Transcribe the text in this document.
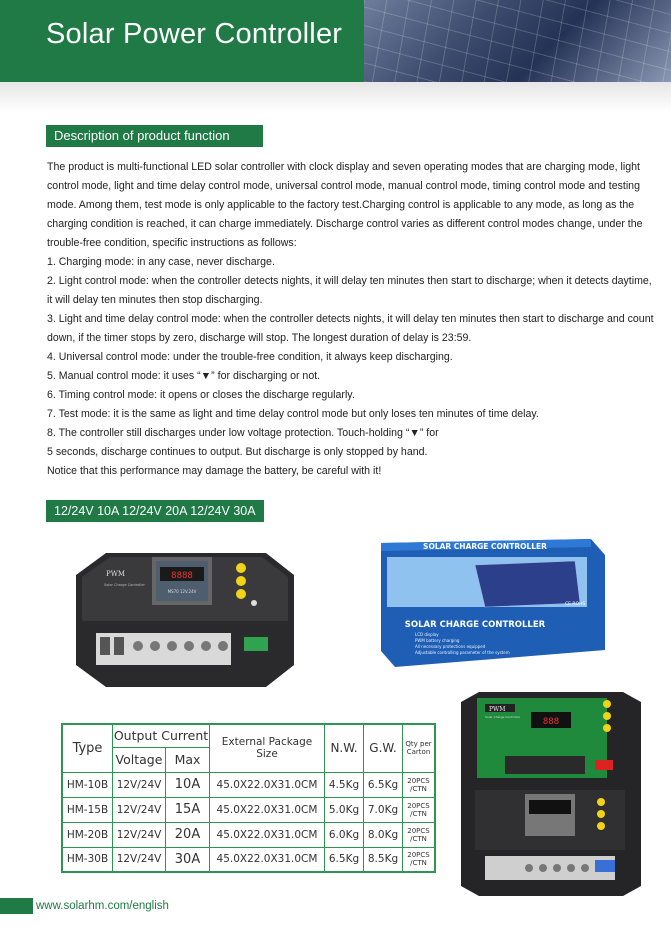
Solar Power Controller
Description of product function

The product is multi-functional LED solar controller with clock display and seven operating modes that are charging mode, light control mode, light and time delay control mode, universal control mode, manual control mode, timing control mode and testing mode. Among them, test mode is only applicable to the factory test.Charging control is applicable to any mode, as long as the charging condition is reached, it can charge immediately. Discharge control varies as different control modes change, under the trouble-free condition, specific instructions as follows:

1. Charging mode: in any case, never discharge.

2. Light control mode: when the controller detects nights, it will delay ten minutes then start to discharge; when it detects daytime, it will delay ten minutes then stop discharging.

3. Light and time delay control mode: when the controller detects nights, it will delay ten minutes then start to discharge and count down, if the timer stops by zero, discharge will stop. The longest duration of delay is 23:59.

4. Universal control mode: under the trouble-free condition, it always keep discharging.

5. Manual control mode: it uses “▼” for discharging or not.

6. Timing control mode: it opens or closes the discharge regularly.

7. Test mode: it is the same as light and time delay control mode but only loses ten minutes of time delay.

8. The controller still discharges under low voltage protection. Touch-holding “▼” for

5 seconds, discharge continues to output. But discharge is only stopped by hand.

Notice that this performance may damage the battery, be careful with it!

12/24V 10A 12/24V 20A 12/24V 30A
PWM
Solar Charge Controller
8888
MS70 12V.24V
SOLAR CHARGE CONTROLLER
CE ROHS
SOLAR CHARGE CONTROLLER
LCD display
PWM battery charging
All necessary protections equipped
Adjustable controlling parameter of the system
Type	Output Current		External Package Size	N.W.	G.W.	Qty per Carton
	Voltage	Max				
HM-10B	12V/24V	10A	45.0X22.0X31.0CM	4.5Kg	6.5Kg	20PCS /CTN
HM-15B	12V/24V	15A	45.0X22.0X31.0CM	5.0Kg	7.0Kg	20PCS /CTN
HM-20B	12V/24V	20A	45.0X22.0X31.0CM	6.0Kg	8.0Kg	20PCS /CTN
HM-30B	12V/24V	30A	45.0X22.0X31.0CM	6.5Kg	8.5Kg	20PCS /CTN
PWM
Solar Charge Controller	888
www.solarhm.com/english
